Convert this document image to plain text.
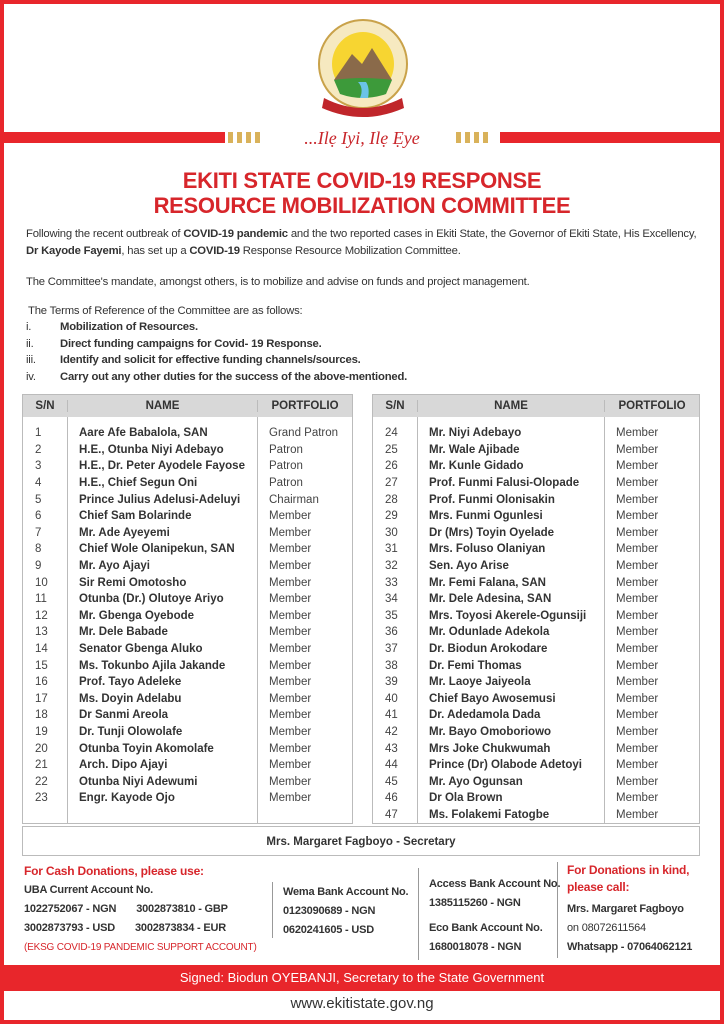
...Ilẹ Iyi, Ilẹ Ẹye
EKITI STATE COVID-19 RESPONSE
RESOURCE MOBILIZATION COMMITTEE
Following the recent outbreak of COVID-19 pandemic and the two reported cases in Ekiti State, the Governor of Ekiti State, His Excellency, Dr Kayode Fayemi, has set up a COVID-19 Response Resource Mobilization Committee.
The Committee's mandate, amongst others, is to mobilize and advise on funds and project management.
The Terms of Reference of the Committee are as follows:
i.	Mobilization of Resources.
ii.	Direct funding campaigns for Covid- 19 Response.
iii.	Identify and solicit for effective funding channels/sources.
iv.	Carry out any other duties for the success of the above-mentioned.
S/N	NAME	PORTFOLIO
1	Aare Afe Babalola, SAN	Grand Patron
2	H.E., Otunba Niyi Adebayo	Patron
3	H.E., Dr. Peter Ayodele Fayose	Patron
4	H.E., Chief Segun Oni	Patron
5	Prince Julius Adelusi-Adeluyi	Chairman
6	Chief Sam Bolarinde	Member
7	Mr. Ade Ayeyemi	Member
8	Chief Wole Olanipekun, SAN	Member
9	Mr. Ayo Ajayi	Member
10	Sir Remi Omotosho	Member
11	Otunba (Dr.) Olutoye Ariyo	Member
12	Mr. Gbenga Oyebode	Member
13	Mr. Dele Babade	Member
14	Senator Gbenga Aluko	Member
15	Ms. Tokunbo Ajila Jakande	Member
16	Prof. Tayo Adeleke	Member
17	Ms. Doyin Adelabu	Member
18	Dr Sanmi Areola	Member
19	Dr. Tunji Olowolafe	Member
20	Otunba Toyin Akomolafe	Member
21	Arch. Dipo Ajayi	Member
22	Otunba Niyi Adewumi	Member
23	Engr. Kayode Ojo	Member
S/N	NAME	PORTFOLIO
24	Mr. Niyi Adebayo	Member
25	Mr. Wale Ajibade	Member
26	Mr. Kunle Gidado	Member
27	Prof. Funmi Falusi-Olopade	Member
28	Prof. Funmi Olonisakin	Member
29	Mrs. Funmi Ogunlesi	Member
30	Dr (Mrs) Toyin Oyelade	Member
31	Mrs. Foluso Olaniyan	Member
32	Sen. Ayo Arise	Member
33	Mr. Femi Falana, SAN	Member
34	Mr. Dele Adesina, SAN	Member
35	Mrs. Toyosi Akerele-Ogunsiji	Member
36	Mr. Odunlade Adekola	Member
37	Dr. Biodun Arokodare	Member
38	Dr. Femi Thomas	Member
39	Mr. Laoye Jaiyeola	Member
40	Chief Bayo Awosemusi	Member
41	Dr. Adedamola Dada	Member
42	Mr. Bayo Omoboriowo	Member
43	Mrs Joke Chukwumah	Member
44	Prince (Dr) Olabode Adetoyi	Member
45	Mr. Ayo Ogunsan	Member
46	Dr Ola Brown	Member
47	Ms. Folakemi Fatogbe	Member
Mrs. Margaret Fagboyo - Secretary
For Cash Donations, please use:
UBA Current Account No.
1022752067 - NGN 3002873810 - GBP
3002873793 - USD 3002873834 - EUR
(EKSG COVID-19 PANDEMIC SUPPORT ACCOUNT)
Wema Bank Account No.
0123090689 - NGN
0620241605 - USD
Access Bank Account No.
1385115260 - NGN
Eco Bank Account No.
1680018078 - NGN
For Donations in kind,
please call:
Mrs. Margaret Fagboyo
on 08072611564
Whatsapp - 07064062121
Signed: Biodun OYEBANJI, Secretary to the State Government
www.ekitistate.gov.ng
